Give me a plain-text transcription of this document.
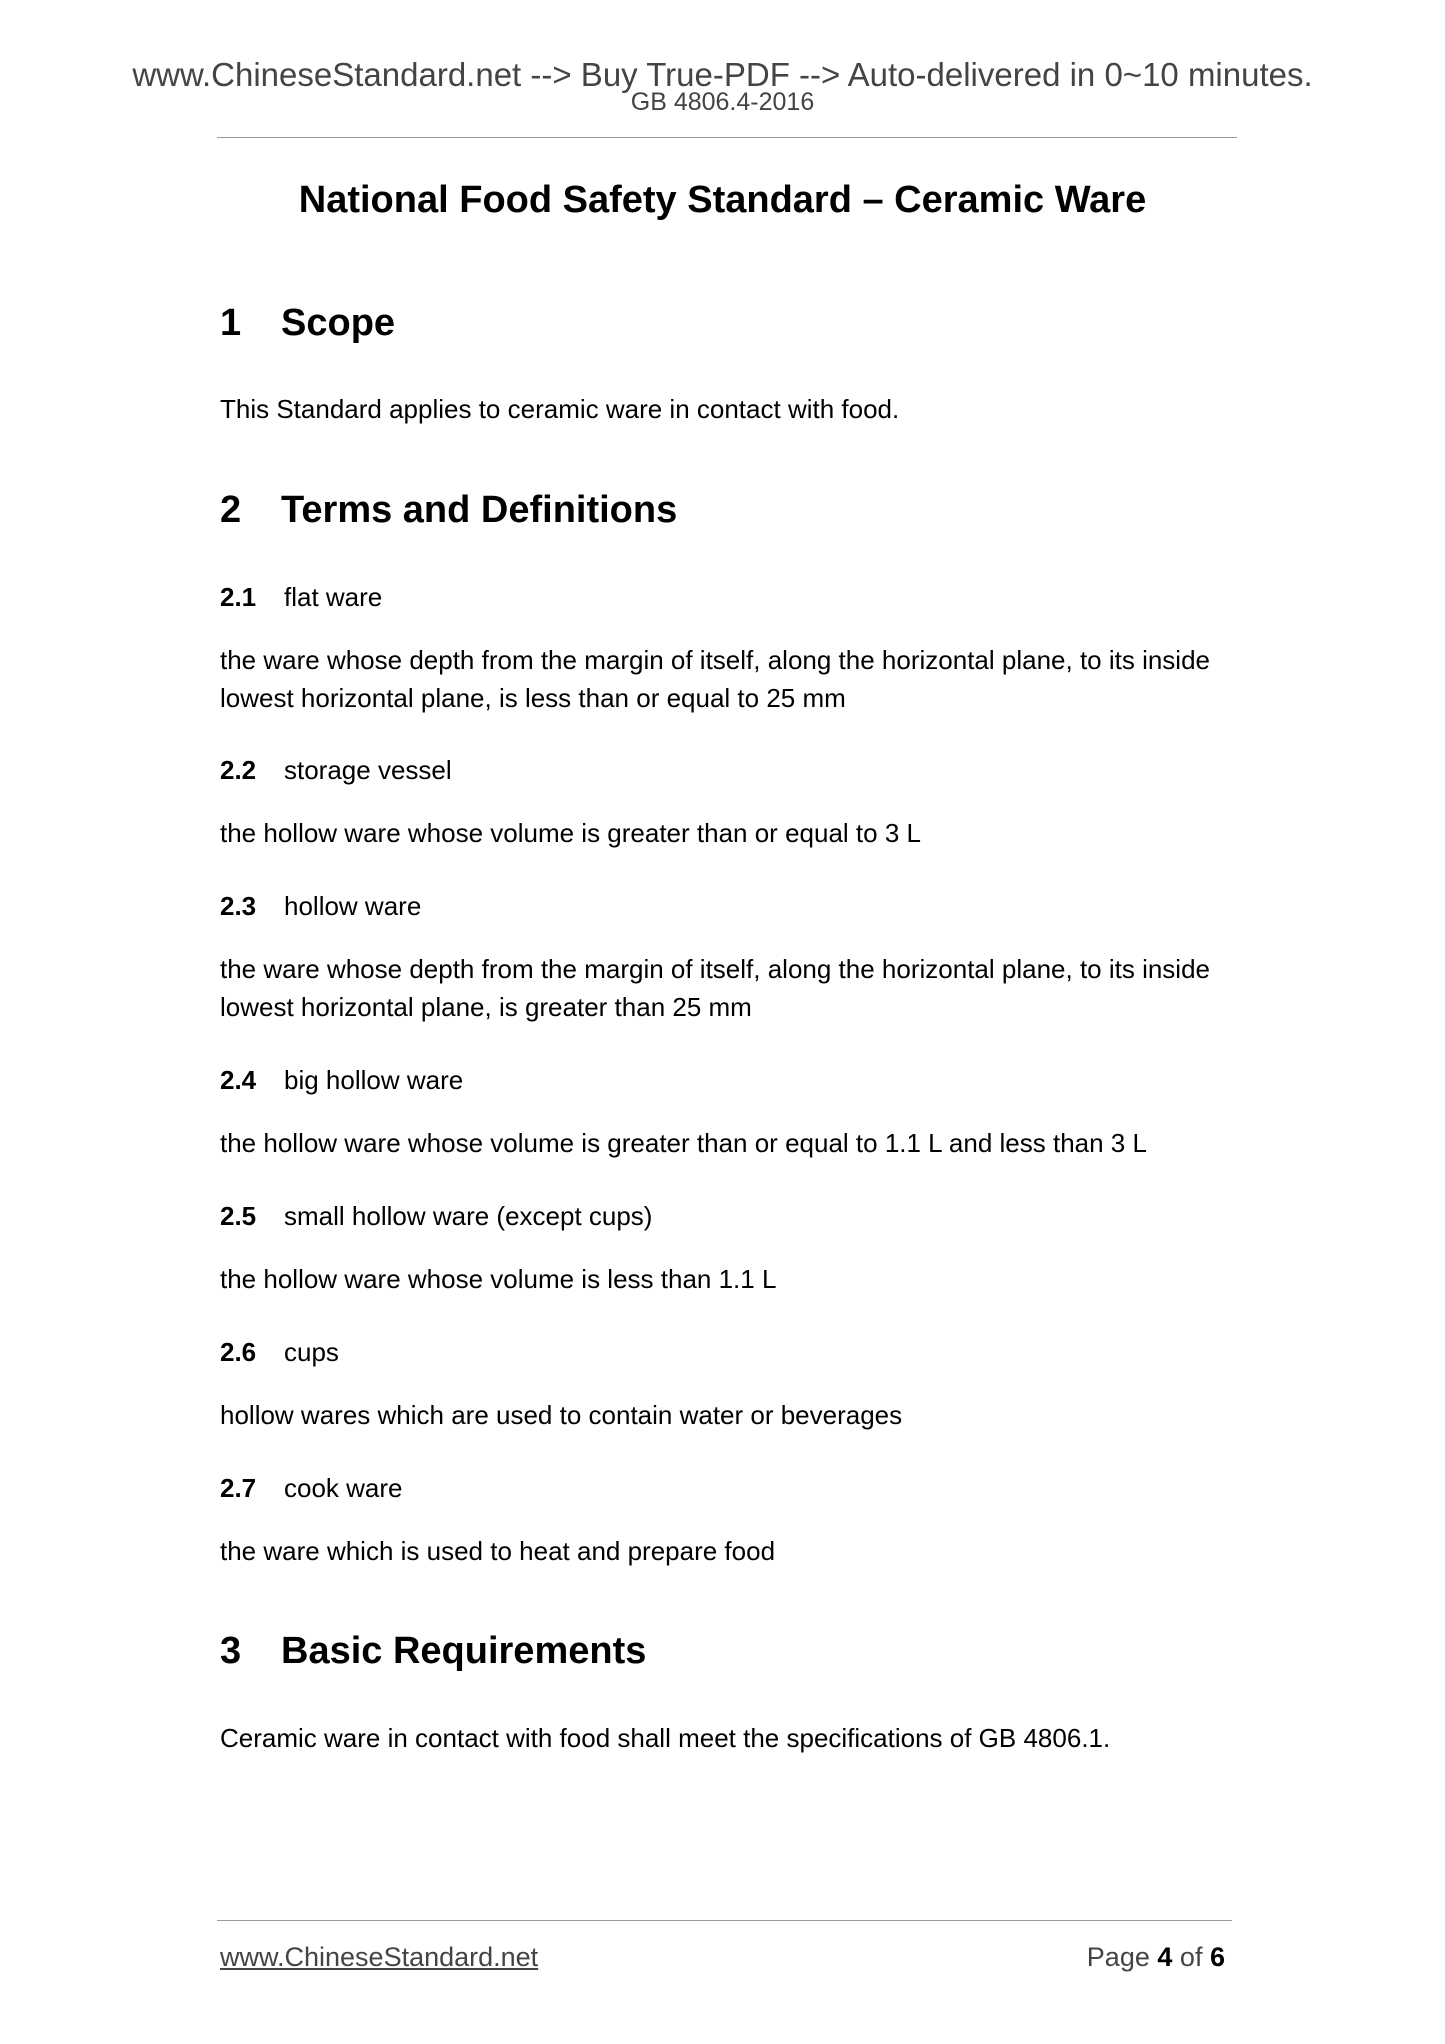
www.ChineseStandard.net --> Buy True-PDF --> Auto-delivered in 0~10 minutes.
GB 4806.4-2016
National Food Safety Standard – Ceramic Ware
1 Scope
This Standard applies to ceramic ware in contact with food.
2 Terms and Definitions
2.1 flat ware
the ware whose depth from the margin of itself, along the horizontal plane, to its inside lowest horizontal plane, is less than or equal to 25 mm
2.2 storage vessel
the hollow ware whose volume is greater than or equal to 3 L
2.3 hollow ware
the ware whose depth from the margin of itself, along the horizontal plane, to its inside lowest horizontal plane, is greater than 25 mm
2.4 big hollow ware
the hollow ware whose volume is greater than or equal to 1.1 L and less than 3 L
2.5 small hollow ware (except cups)
the hollow ware whose volume is less than 1.1 L
2.6 cups
hollow wares which are used to contain water or beverages
2.7 cook ware
the ware which is used to heat and prepare food
3 Basic Requirements
Ceramic ware in contact with food shall meet the specifications of GB 4806.1.
www.ChineseStandard.net	Page 4 of 6
